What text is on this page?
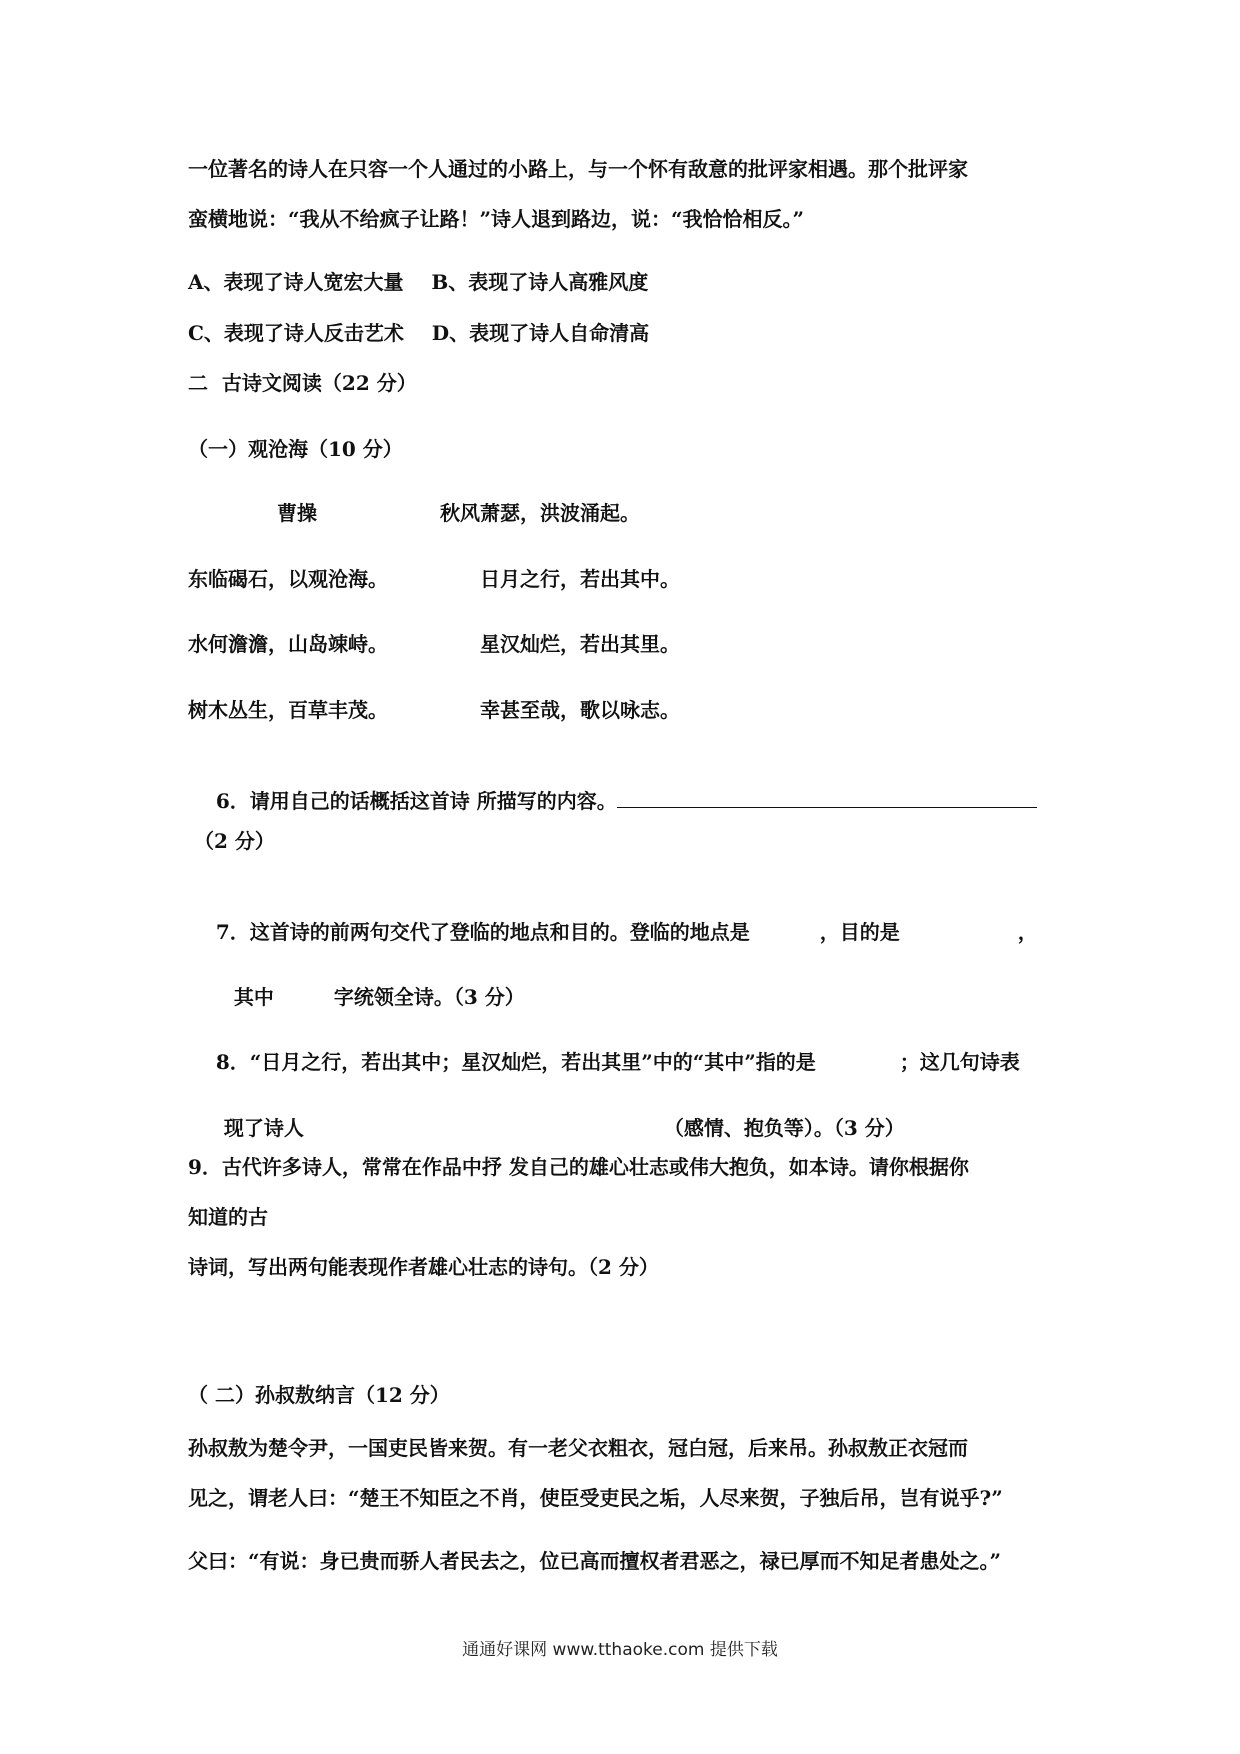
一位著名的诗人在只容一个人通过的小路上，与一个怀有敌意的批评家相遇。那个批评家
蛮横地说：“我从不给疯子让路！”诗人退到路边，说：“我恰恰相反。”
A、表现了诗人宽宏大量    B、表现了诗人高雅风度
C、表现了诗人反击艺术    D、表现了诗人自命清高
二  古诗文阅读（22 分）
（一）观沧海（10 分）
曹操	秋风萧瑟，洪波涌起。
东临碣石，以观沧海。	日月之行，若出其中。
水何澹澹，山岛竦峙。	星汉灿烂，若出其里。
树木丛生，百草丰茂。	幸甚至哉，歌以咏志。

6．请用自己的话概括这首诗 所描写的内容。

（2 分）

7．这首诗的前两句交代了登临的地点和目的。登临的地点是	，目的是	，

其中	字统领全诗。（3 分）

8．“日月之行，若出其中；星汉灿烂，若出其里”中的“其中”指的是	；这几句诗表

现了诗人	（感情、抱负等）。（3 分）

9．古代许多诗人，常常在作品中抒 发自己的雄心壮志或伟大抱负，如本诗。请你根据你
知道的古
诗词，写出两句能表现作者雄心壮志的诗句。（2 分）
（ 二）孙叔敖纳言（12 分）
孙叔敖为楚令尹，一国吏民皆来贺。有一老父衣粗衣，冠白冠，后来吊。孙叔敖正衣冠而
见之，谓老人曰：“楚王不知臣之不肖，使臣受吏民之垢，人尽来贺，子独后吊，岂有说乎?”
父曰：“有说：身已贵而骄人者民去之，位已高而擅权者君恶之，禄已厚而不知足者患处之。”
通通好课网 www.tthaoke.com 提供下载
